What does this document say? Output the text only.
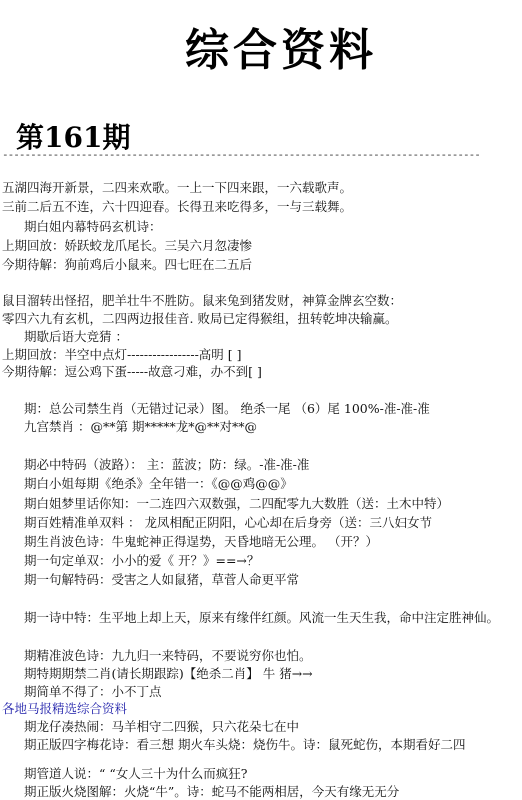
综合资料
第161期
-------------------------------------------------------------------------------------
五湖四海开新景，二四来欢歌。一上一下四来跟，一六载歌声。
三前二后五不连，六十四迎春。长得丑来吃得多，一与三载舞。
期白姐内幕特码玄机诗：
上期回放：娇跃蛟龙爪尾长。三吴六月忽凄惨
今期待解：狗前鸡后小鼠来。四七旺在二五后
鼠目溜转出怪招，肥羊壮牛不胜防。鼠来兔到猪发财，神算金牌玄空数：
零四六九有玄机，二四两边报佳音. 败局已定得猴组，扭转乾坤决输赢。
期歇后语大竞猜 ：
上期回放：半空中点灯-----------------高明 [ ]
今期待解：逗公鸡下蛋-----故意刁难，办不到[ ]
期：总公司禁生肖（无错过记录）图。 绝杀一尾 （6）尾 100%-准-准-准
九宫禁肖 ：@**第 期*****龙*@**对**@
期必中特码（波路）： 主：蓝波；防：绿。-准-准-准
期白小姐每期《绝杀》全年错一：《@@鸡@@》
期白姐梦里话你知：一二连四六双数强，二四配零九大数胜（送：土木中特）
期百姓精准单双料 ： 龙凤相配正阴阳，心心却在后身旁（送：三八妇女节
期生肖波色诗：牛鬼蛇神正得逞势，天昏地暗无公理。 （开？）
期一句定单双：小小的爱《 开？》==→？
期一句解特码：受害之人如鼠猪，草菅人命更平常
期一诗中特：生平地上却上天，原来有缘伴红颜。风流一生天生我，命中注定胜神仙。
期精准波色诗：九九归一来特码，不要说穷你也怕。
期特期期禁二肖(请长期跟踪)【绝杀二肖】 牛 猪→→
期简单不得了：小不丁点
各地马报精选综合资料
期龙仔凑热闹：马羊相守二四猴，只六花朵七在中
期正版四字梅花诗：看三想 期火车头烧：烧伤牛。诗：鼠死蛇伤，本期看好二四
期管道人说：“ “女人三十为什么而疯狂?
期正版火烧图解：火烧“牛”。诗：蛇马不能两相居，今天有缘无无分
